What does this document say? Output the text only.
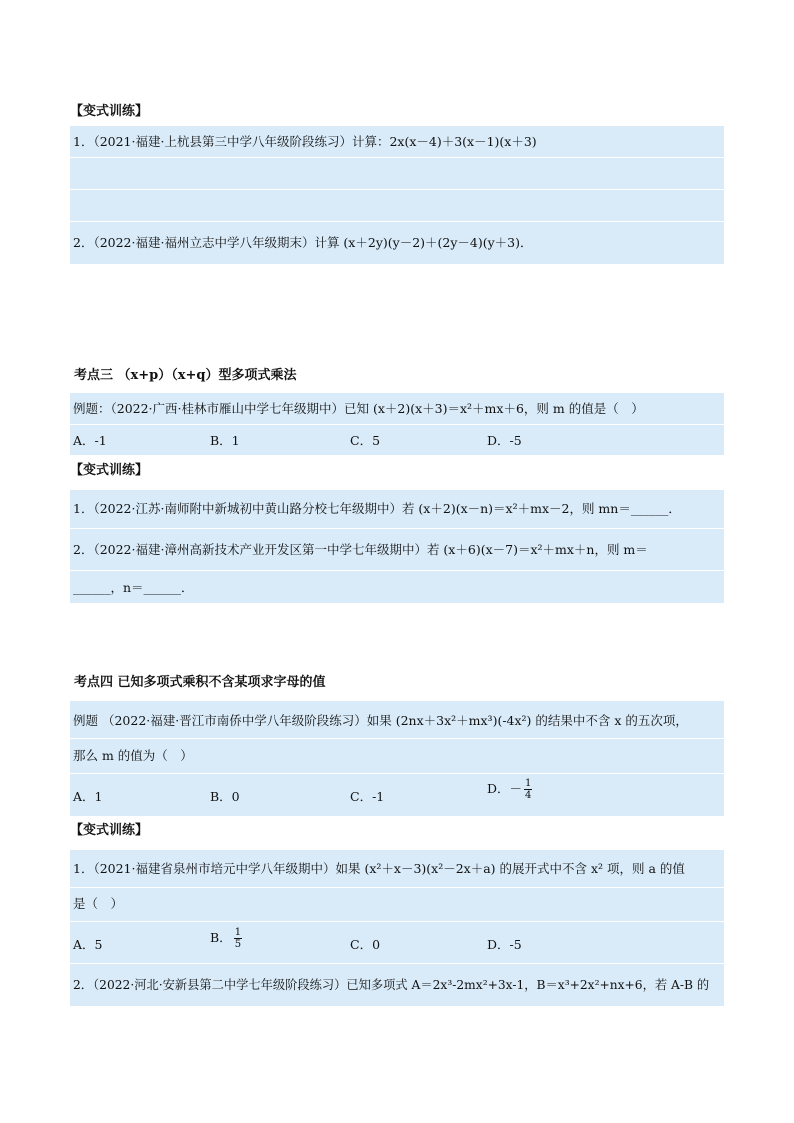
【变式训练】
1．（2021·福建·上杭县第三中学八年级阶段练习）计算：2x(x－4)＋3(x－1)(x＋3)
2．（2022·福建·福州立志中学八年级期末）计算 (x＋2y)(y－2)＋(2y－4)(y＋3)．
考点三 （x+p）（x+q）型多项式乘法
例题：（2022·广西·桂林市雁山中学七年级期中）已知 (x＋2)(x＋3)＝x²＋mx＋6，则 m 的值是（　）
A．-1	B．1	C．5	D．-5
【变式训练】
1．（2022·江苏·南师附中新城初中黄山路分校七年级期中）若 (x＋2)(x－n)＝x²＋mx－2，则 mn＝______．
2．（2022·福建·漳州高新技术产业开发区第一中学七年级期中）若 (x＋6)(x－7)＝x²＋mx＋n，则 m＝
______，n＝______．
考点四 已知多项式乘积不含某项求字母的值
例题 （2022·福建·晋江市南侨中学八年级阶段练习）如果 (2nx＋3x²＋mx³)(-4x²) 的结果中不含 x 的五次项，
那么 m 的值为（　）
A．1	B．0	C．-1
D．－ $\frac{1}{4}$
【变式训练】
1．（2021·福建省泉州市培元中学八年级期中）如果 (x²＋x－3)(x²－2x＋a) 的展开式中不含 x² 项，则 a 的值
是（　）
A．5	B． $\frac{1}{5}$	C．0	D．-5
2．（2022·河北·安新县第二中学七年级阶段练习）已知多项式 A＝2x³-2mx²+3x-1，B＝x³+2x²+nx+6，若 A-B 的
